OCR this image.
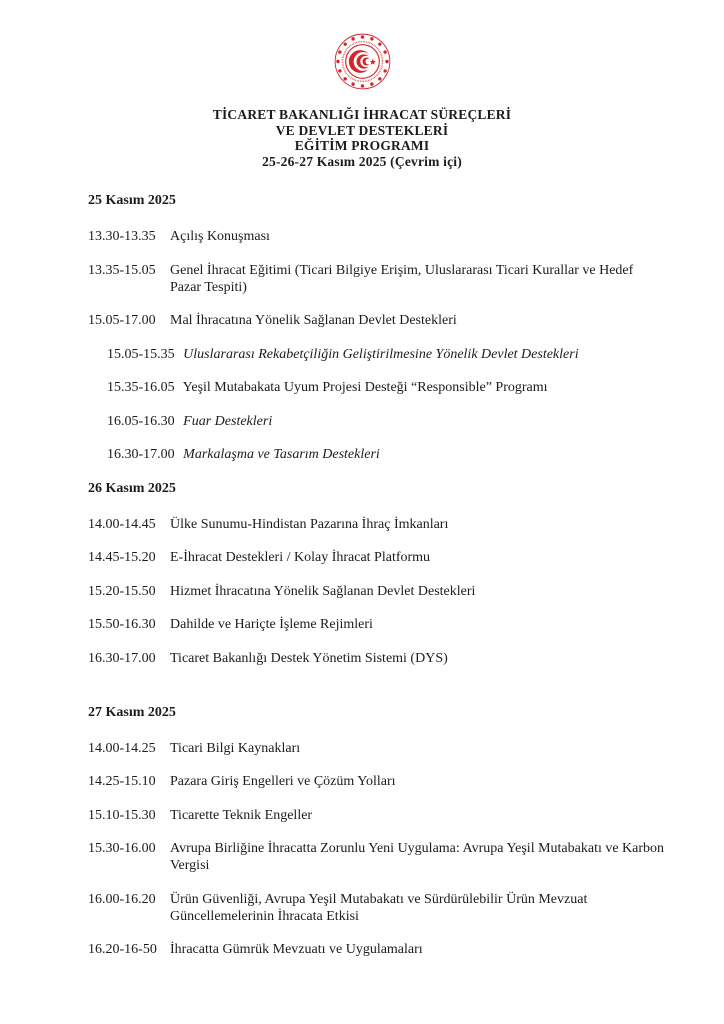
TİCARET BAKANLIĞI İHRACAT SÜREÇLERİ
VE DEVLET DESTEKLERİ
EĞİTİM PROGRAMI
25-26-27 Kasım 2025 (Çevrim içi)
25 Kasım 2025
13.30-13.35	Açılış Konuşması
13.35-15.05	Genel İhracat Eğitimi (Ticari Bilgiye Erişim, Uluslararası Ticari Kurallar ve Hedef Pazar Tespiti)
15.05-17.00	Mal İhracatına Yönelik Sağlanan Devlet Destekleri
15.05-15.35 Uluslararası Rekabetçiliğin Geliştirilmesine Yönelik Devlet Destekleri
15.35-16.05 Yeşil Mutabakata Uyum Projesi Desteği “Responsible” Programı
16.05-16.30 Fuar Destekleri
16.30-17.00 Markalaşma ve Tasarım Destekleri
26 Kasım 2025
14.00-14.45	Ülke Sunumu-Hindistan Pazarına İhraç İmkanları
14.45-15.20	E-İhracat Destekleri / Kolay İhracat Platformu
15.20-15.50	Hizmet İhracatına Yönelik Sağlanan Devlet Destekleri
15.50-16.30	Dahilde ve Hariçte İşleme Rejimleri
16.30-17.00	Ticaret Bakanlığı Destek Yönetim Sistemi (DYS)
27 Kasım 2025
14.00-14.25	Ticari Bilgi Kaynakları
14.25-15.10	Pazara Giriş Engelleri ve Çözüm Yolları
15.10-15.30	Ticarette Teknik Engeller
15.30-16.00	Avrupa Birliğine İhracatta Zorunlu Yeni Uygulama: Avrupa Yeşil Mutabakatı ve Karbon Vergisi
16.00-16.20	Ürün Güvenliği, Avrupa Yeşil Mutabakatı ve Sürdürülebilir Ürün Mevzuat Güncellemelerinin İhracata Etkisi
16.20-16-50 İhracatta Gümrük Mevzuatı ve Uygulamaları
